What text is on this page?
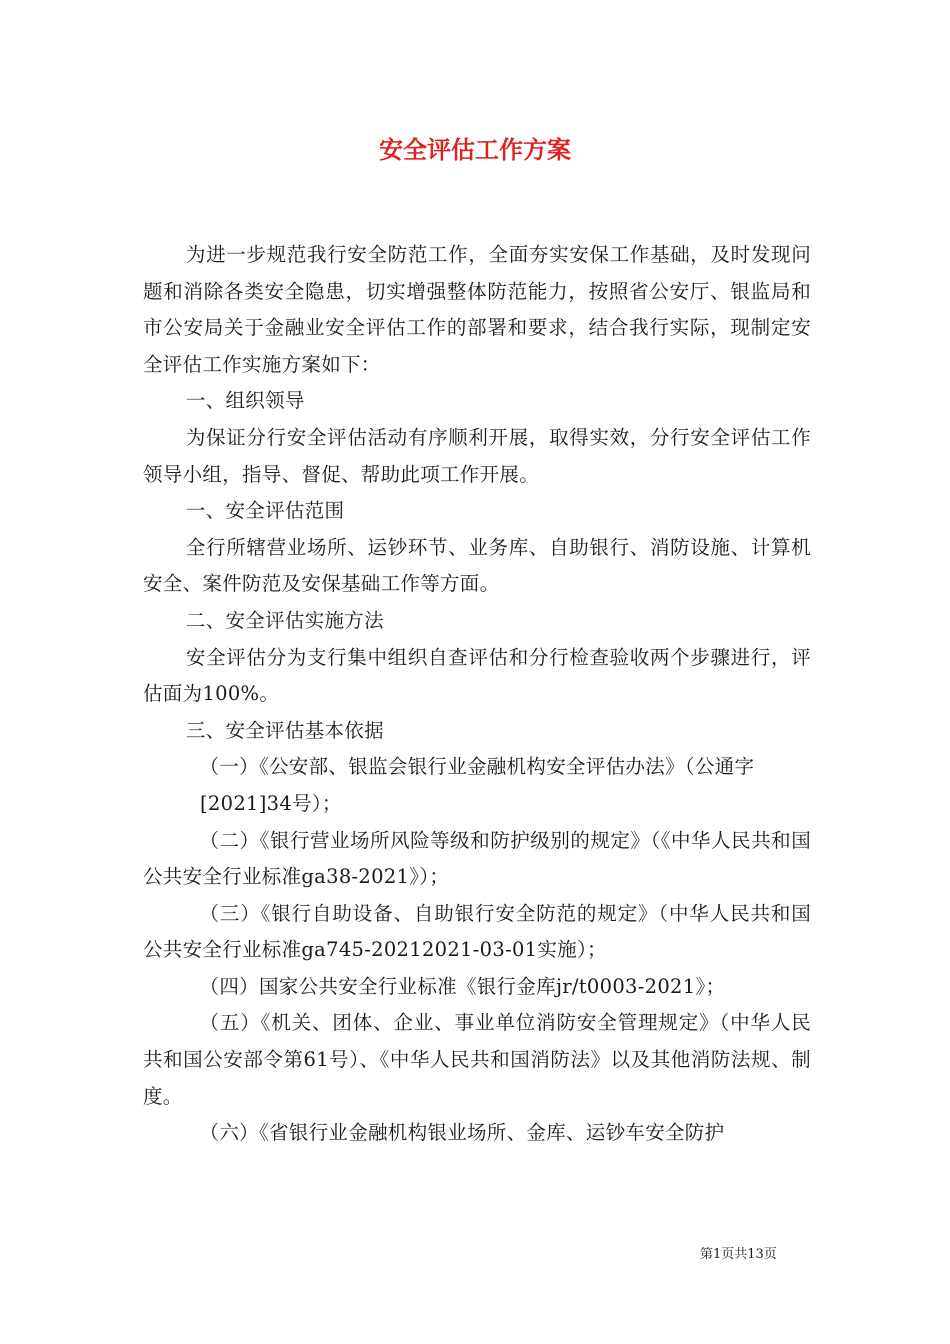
安全评估工作方案

为进一步规范我行安全防范工作，全面夯实安保工作基础，及时发现问题和消除各类安全隐患，切实增强整体防范能力，按照省公安厅、银监局和市公安局关于金融业安全评估工作的部署和要求，结合我行实际，现制定安全评估工作实施方案如下：

一、组织领导

为保证分行安全评估活动有序顺利开展，取得实效，分行安全评估工作领导小组，指导、督促、帮助此项工作开展。

一、安全评估范围

全行所辖营业场所、运钞环节、业务库、自助银行、消防设施、计算机安全、案件防范及安保基础工作等方面。

二、安全评估实施方法

安全评估分为支行集中组织自查评估和分行检查验收两个步骤进行，评估面为100%。

三、安全评估基本依据

（一）《公安部、银监会银行业金融机构安全评估办法》（公通字

[2021]34号）；

（二）《银行营业场所风险等级和防护级别的规定》（《中华人民共和国公共安全行业标准ga38-2021》）；

（三）《银行自助设备、自助银行安全防范的规定》（中华人民共和国公共安全行业标准ga745-20212021-03-01实施）；

（四）国家公共安全行业标准《银行金库jr/t0003-2021》；

（五）《机关、团体、企业、事业单位消防安全管理规定》（中华人民共和国公安部令第61号）、《中华人民共和国消防法》以及其他消防法规、制度。

（六）《省银行业金融机构银业场所、金库、运钞车安全防护

第1页共13页
